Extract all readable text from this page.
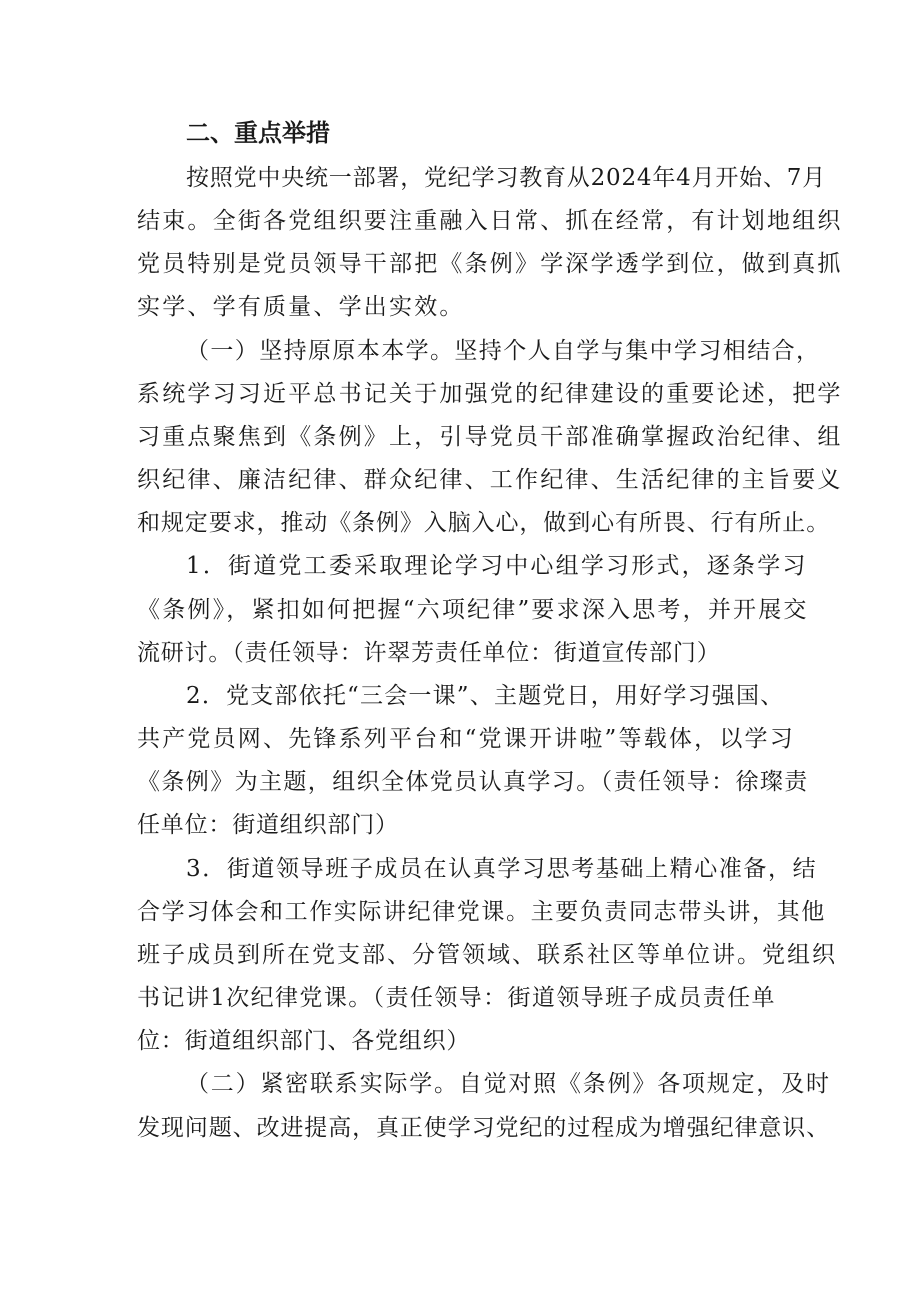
二、重点举措

按照党中央统一部署，党纪学习教育从2024年4月开始、7月

结束。全街各党组织要注重融入日常、抓在经常，有计划地组织

党员特别是党员领导干部把《条例》学深学透学到位，做到真抓

实学、学有质量、学出实效。

（一）坚持原原本本学。坚持个人自学与集中学习相结合，

系统学习习近平总书记关于加强党的纪律建设的重要论述，把学

习重点聚焦到《条例》上，引导党员干部准确掌握政治纪律、组

织纪律、廉洁纪律、群众纪律、工作纪律、生活纪律的主旨要义

和规定要求，推动《条例》入脑入心，做到心有所畏、行有所止。

1．街道党工委采取理论学习中心组学习形式，逐条学习

《条例》，紧扣如何把握“六项纪律”要求深入思考，并开展交

流研讨。（责任领导：许翠芳责任单位：街道宣传部门）

2．党支部依托“三会一课”、主题党日，用好学习强国、

共产党员网、先锋系列平台和“党课开讲啦”等载体，以学习

《条例》为主题，组织全体党员认真学习。（责任领导：徐璨责

任单位：街道组织部门）

3．街道领导班子成员在认真学习思考基础上精心准备，结

合学习体会和工作实际讲纪律党课。主要负责同志带头讲，其他

班子成员到所在党支部、分管领域、联系社区等单位讲。党组织

书记讲1次纪律党课。（责任领导：街道领导班子成员责任单

位：街道组织部门、各党组织）

（二）紧密联系实际学。自觉对照《条例》各项规定，及时

发现问题、改进提高，真正使学习党纪的过程成为增强纪律意识、
